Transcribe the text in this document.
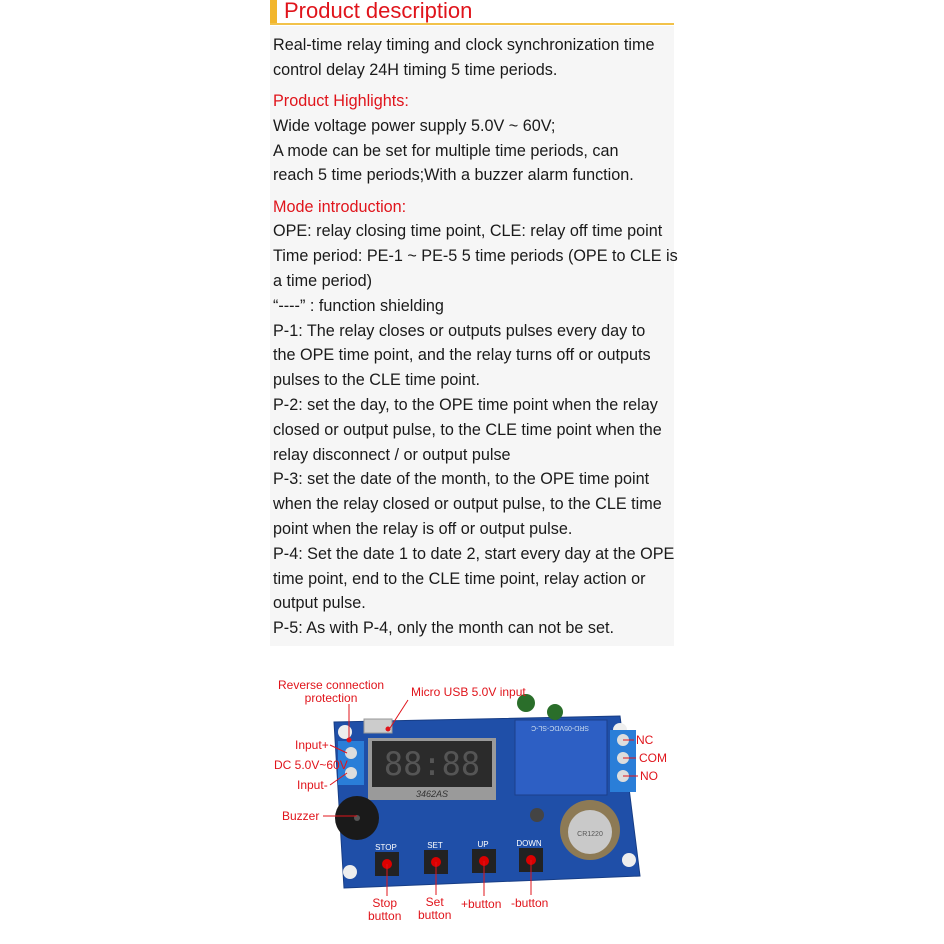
Product description
Real-time relay timing and clock synchronization time
control delay 24H timing 5 time periods.
Product Highlights:
Wide voltage power supply 5.0V ~ 60V;
A mode can be set for multiple time periods, can
reach 5 time periods;With a buzzer alarm function.
Mode introduction:
OPE: relay closing time point, CLE: relay off time point
Time period: PE-1 ~ PE-5 5 time periods (OPE to CLE is
a time period)
“----” : function shielding
P-1: The relay closes or outputs pulses every day to
the OPE time point, and the relay turns off or outputs
pulses to the CLE time point.
P-2: set the day, to the OPE time point when the relay
closed or output pulse, to the CLE time point when the
relay disconnect / or output pulse
P-3: set the date of the month, to the OPE time point
when the relay closed or output pulse, to the CLE time
point when the relay is off or output pulse.
P-4: Set the date 1 to date 2, start every day at the OPE
time point, end to the CLE time point, relay action or
output pulse.
P-5: As with P-4, only the month can not be set.
88:88
3462AS
SRD-05VDC-SL-C
CR1220
STOP	SET	UP	DOWN
Reverse connection
protection	Micro USB 5.0V input
Input+
DC 5.0V~60V
Input-
Buzzer
NC
COM
NO
Stop
button
Set
button
+button -button
